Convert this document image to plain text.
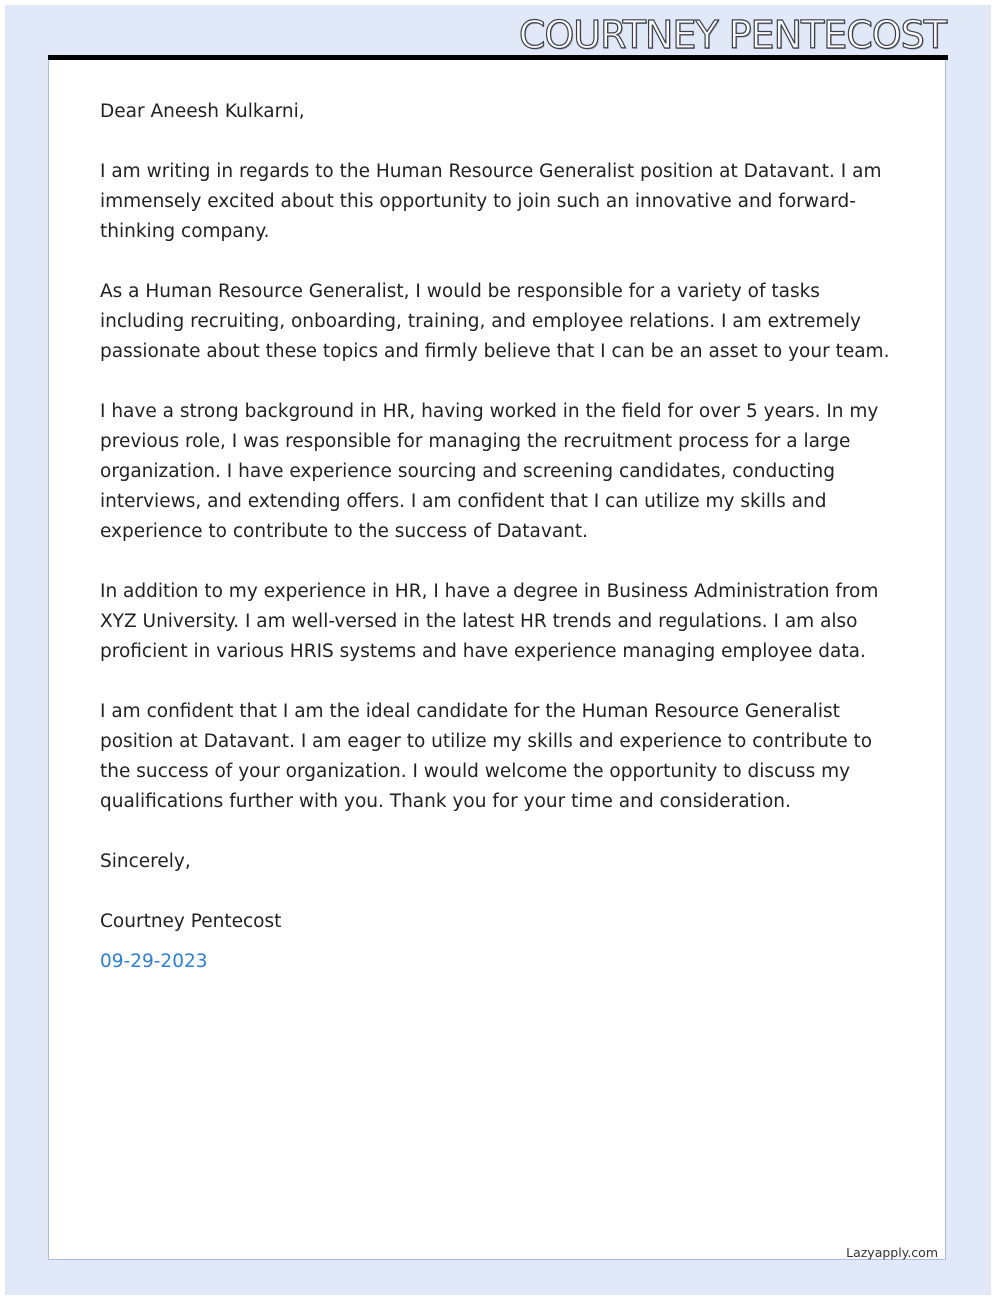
COURTNEY PENTECOST

Dear Aneesh Kulkarni,

I am writing in regards to the Human Resource Generalist position at Datavant. I am immensely excited about this opportunity to join such an innovative and forward-thinking company.

As a Human Resource Generalist, I would be responsible for a variety of tasks including recruiting, onboarding, training, and employee relations. I am extremely passionate about these topics and firmly believe that I can be an asset to your team.

I have a strong background in HR, having worked in the field for over 5 years. In my previous role, I was responsible for managing the recruitment process for a large organization. I have experience sourcing and screening candidates, conducting interviews, and extending offers. I am confident that I can utilize my skills and experience to contribute to the success of Datavant.

In addition to my experience in HR, I have a degree in Business Administration from XYZ University. I am well-versed in the latest HR trends and regulations. I am also proficient in various HRIS systems and have experience managing employee data.

I am confident that I am the ideal candidate for the Human Resource Generalist position at Datavant. I am eager to utilize my skills and experience to contribute to the success of your organization. I would welcome the opportunity to discuss my qualifications further with you. Thank you for your time and consideration.

Sincerely,

Courtney Pentecost

09-29-2023

Lazyapply.com
